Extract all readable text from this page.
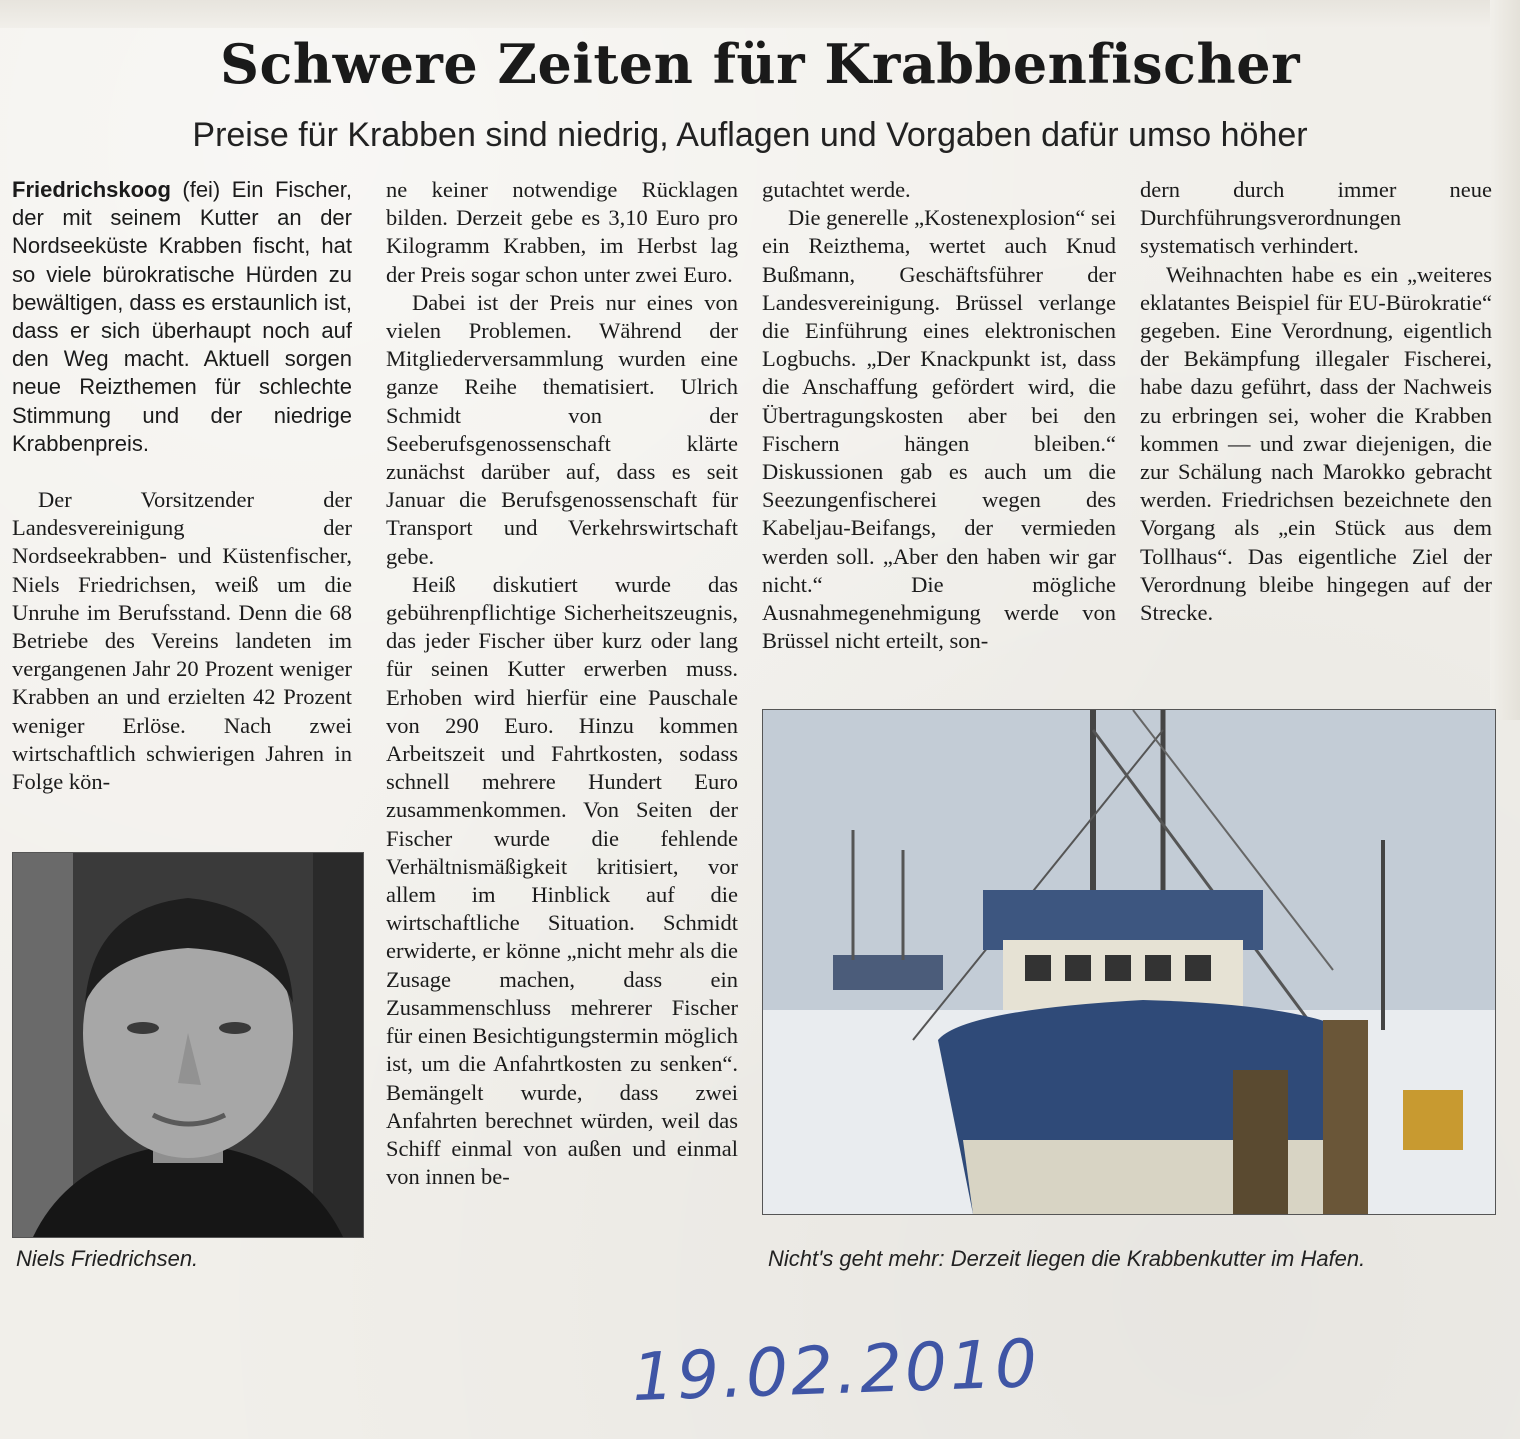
Schwere Zeiten für Krabbenfischer
Preise für Krabben sind niedrig, Auflagen und Vorgaben dafür umso höher

Friedrichskoog (fei) Ein Fischer, der mit seinem Kutter an der Nordseeküste Krabben fischt, hat so viele bürokratische Hürden zu bewältigen, dass es erstaunlich ist, dass er sich überhaupt noch auf den Weg macht. Aktuell sorgen neue Reizthemen für schlechte Stimmung und der niedrige Krabbenpreis.

Der Vorsitzender der Landesvereinigung der Nordseekrabben- und Küstenfischer, Niels Friedrichsen, weiß um die Unruhe im Berufsstand. Denn die 68 Betriebe des Vereins landeten im vergangenen Jahr 20 Prozent weniger Krabben an und erzielten 42 Prozent weniger Erlöse. Nach zwei wirtschaftlich schwierigen Jahren in Folge kön-

ne keiner notwendige Rücklagen bilden. Derzeit gebe es 3,10 Euro pro Kilogramm Krabben, im Herbst lag der Preis sogar schon unter zwei Euro.

Dabei ist der Preis nur eines von vielen Problemen. Während der Mitgliederversammlung wurden eine ganze Reihe thematisiert. Ulrich Schmidt von der Seeberufsgenossenschaft klärte zunächst darüber auf, dass es seit Januar die Berufsgenossenschaft für Transport und Verkehrswirtschaft gebe.

Heiß diskutiert wurde das gebührenpflichtige Sicherheitszeugnis, das jeder Fischer über kurz oder lang für seinen Kutter erwerben muss. Erhoben wird hierfür eine Pauschale von 290 Euro. Hinzu kommen Arbeitszeit und Fahrtkosten, sodass schnell mehrere Hundert Euro zusammenkommen. Von Seiten der Fischer wurde die fehlende Verhältnismäßigkeit kritisiert, vor allem im Hinblick auf die wirtschaftliche Situation. Schmidt erwiderte, er könne „nicht mehr als die Zusage machen, dass ein Zusammenschluss mehrerer Fischer für einen Besichtigungstermin möglich ist, um die Anfahrtkosten zu senken“. Bemängelt wurde, dass zwei Anfahrten berechnet würden, weil das Schiff einmal von außen und einmal von innen be-

gutachtet werde.

Die generelle „Kostenexplosion“ sei ein Reizthema, wertet auch Knud Bußmann, Geschäftsführer der Landesvereinigung. Brüssel verlange die Einführung eines elektronischen Logbuchs. „Der Knackpunkt ist, dass die Anschaffung gefördert wird, die Übertragungskosten aber bei den Fischern hängen bleiben.“ Diskussionen gab es auch um die Seezungenfischerei wegen des Kabeljau-Beifangs, der vermieden werden soll. „Aber den haben wir gar nicht.“ Die mögliche Ausnahmegenehmigung werde von Brüssel nicht erteilt, son-

dern durch immer neue Durchführungsverordnungen systematisch verhindert.

Weihnachten habe es ein „weiteres eklatantes Beispiel für EU-Bürokratie“ gegeben. Eine Verordnung, eigentlich der Bekämpfung illegaler Fischerei, habe dazu geführt, dass der Nachweis zu erbringen sei, woher die Krabben kommen — und zwar diejenigen, die zur Schälung nach Marokko gebracht werden. Friedrichsen bezeichnete den Vorgang als „ein Stück aus dem Tollhaus“. Das eigentliche Ziel der Verordnung bleibe hingegen auf der Strecke.

Niels Friedrichsen.	Nicht's geht mehr: Derzeit liegen die Krabbenkutter im Hafen.
19.02.2010
